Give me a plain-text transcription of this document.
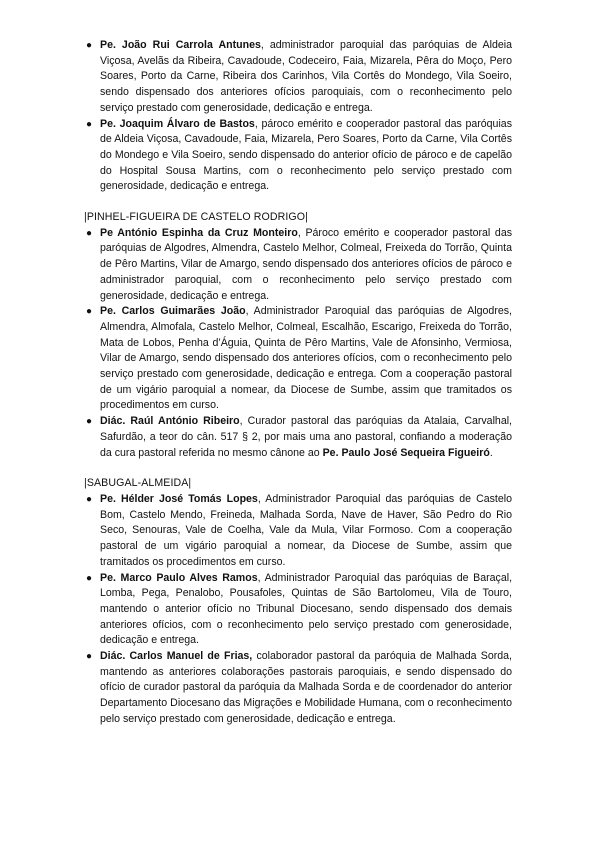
● Pe. João Rui Carrola Antunes, administrador paroquial das paróquias de Aldeia Viçosa, Avelãs da Ribeira, Cavadoude, Codeceiro, Faia, Mizarela, Pêra do Moço, Pero Soares, Porto da Carne, Ribeira dos Carinhos, Vila Cortês do Mondego, Vila Soeiro, sendo dispensado dos anteriores ofícios paroquiais, com o reconhecimento pelo serviço prestado com generosidade, dedicação e entrega.
● Pe. Joaquim Álvaro de Bastos, pároco emérito e cooperador pastoral das paróquias de Aldeia Viçosa, Cavadoude, Faia, Mizarela, Pero Soares, Porto da Carne, Vila Cortês do Mondego e Vila Soeiro, sendo dispensado do anterior ofício de pároco e de capelão do Hospital Sousa Martins, com o reconhecimento pelo serviço prestado com generosidade, dedicação e entrega.
|PINHEL-FIGUEIRA DE CASTELO RODRIGO|
● Pe António Espinha da Cruz Monteiro, Pároco emérito e cooperador pastoral das paróquias de Algodres, Almendra, Castelo Melhor, Colmeal, Freixeda do Torrão, Quinta de Pêro Martins, Vilar de Amargo, sendo dispensado dos anteriores ofícios de pároco e administrador paroquial, com o reconhecimento pelo serviço prestado com generosidade, dedicação e entrega.
● Pe. Carlos Guimarães João, Administrador Paroquial das paróquias de Algodres, Almendra, Almofala, Castelo Melhor, Colmeal, Escalhão, Escarigo, Freixeda do Torrão, Mata de Lobos, Penha d’Águia, Quinta de Pêro Martins, Vale de Afonsinho, Vermiosa, Vilar de Amargo, sendo dispensado dos anteriores ofícios, com o reconhecimento pelo serviço prestado com generosidade, dedicação e entrega. Com a cooperação pastoral de um vigário paroquial a nomear, da Diocese de Sumbe, assim que tramitados os procedimentos em curso.
● Diác. Raúl António Ribeiro, Curador pastoral das paróquias da Atalaia, Carvalhal, Safurdão, a teor do cân. 517 § 2, por mais uma ano pastoral, confiando a moderação da cura pastoral referida no mesmo cânone ao Pe. Paulo José Sequeira Figueiró.
|SABUGAL-ALMEIDA|
● Pe. Hélder José Tomás Lopes, Administrador Paroquial das paróquias de Castelo Bom, Castelo Mendo, Freineda, Malhada Sorda, Nave de Haver, São Pedro do Rio Seco, Senouras, Vale de Coelha, Vale da Mula, Vilar Formoso. Com a cooperação pastoral de um vigário paroquial a nomear, da Diocese de Sumbe, assim que tramitados os procedimentos em curso.
● Pe. Marco Paulo Alves Ramos, Administrador Paroquial das paróquias de Baraçal, Lomba, Pega, Penalobo, Pousafoles, Quintas de São Bartolomeu, Vila de Touro, mantendo o anterior ofício no Tribunal Diocesano, sendo dispensado dos demais anteriores ofícios, com o reconhecimento pelo serviço prestado com generosidade, dedicação e entrega.
● Diác. Carlos Manuel de Frias, colaborador pastoral da paróquia de Malhada Sorda, mantendo as anteriores colaborações pastorais paroquiais, e sendo dispensado do ofício de curador pastoral da paróquia da Malhada Sorda e de coordenador do anterior Departamento Diocesano das Migrações e Mobilidade Humana, com o reconhecimento pelo serviço prestado com generosidade, dedicação e entrega.
